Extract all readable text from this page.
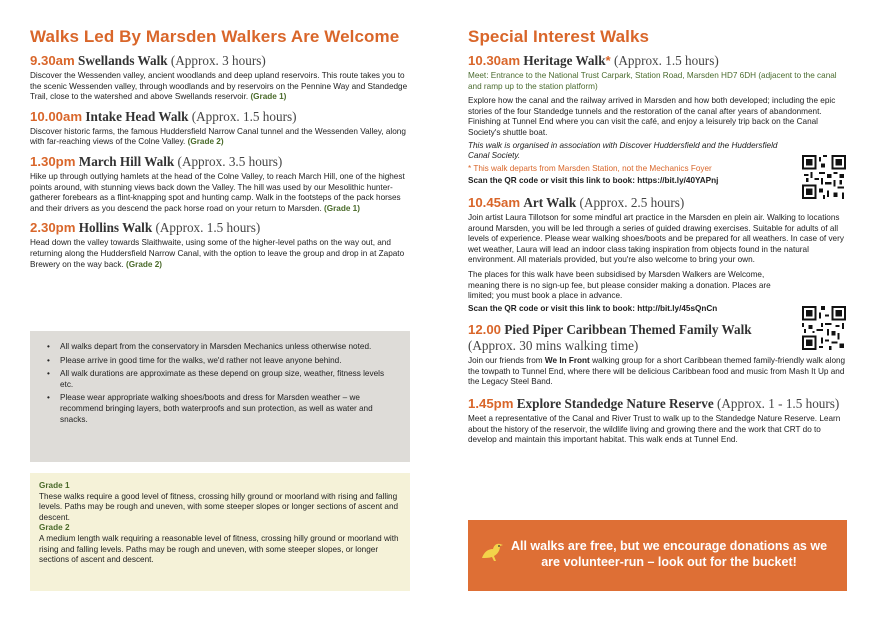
Walks Led By Marsden Walkers Are Welcome
9.30am Swellands Walk (Approx. 3 hours)
Discover the Wessenden valley, ancient woodlands and deep upland reservoirs. This route takes you to the scenic Wessenden valley, through woodlands and by reservoirs on the Pennine Way and Standedge Trail, close to the watershed and above Swellands reservoir. (Grade 1)
10.00am Intake Head Walk (Approx. 1.5 hours)
Discover historic farms, the famous Huddersfield Narrow Canal tunnel and the Wessenden Valley, along with far-reaching views of the Colne Valley. (Grade 2)
1.30pm March Hill Walk (Approx. 3.5 hours)
Hike up through outlying hamlets at the head of the Colne Valley, to reach March Hill, one of the highest points around, with stunning views back down the Valley. The hill was used by our Mesolithic hunter-gatherer forebears as a flint-knapping spot and hunting camp. Walk in the footsteps of the pack horses and their drivers as you descend the pack horse road on your return to Marsden. (Grade 1)
2.30pm Hollins Walk (Approx. 1.5 hours)
Head down the valley towards Slaithwaite, using some of the higher-level paths on the way out, and returning along the Huddersfield Narrow Canal, with the option to leave the group and drop in at Zapato Brewery on the way back. (Grade 2)
• All walks depart from the conservatory in Marsden Mechanics unless otherwise noted.
• Please arrive in good time for the walks, we'd rather not leave anyone behind.
• All walk durations are approximate as these depend on group size, weather, fitness levels etc.
• Please wear appropriate walking shoes/boots and dress for Marsden weather – we recommend bringing layers, both waterproofs and sun protection, as well as water and snacks.
Grade 1
These walks require a good level of fitness, crossing hilly ground or moorland with rising and falling levels. Paths may be rough and uneven, with some steeper slopes or longer sections of ascent and descent.
Grade 2
A medium length walk requiring a reasonable level of fitness, crossing hilly ground or moorland with rising and falling levels. Paths may be rough and uneven, with some steeper slopes, or longer sections of ascent and descent.
Special Interest Walks
10.30am Heritage Walk* (Approx. 1.5 hours)
Meet: Entrance to the National Trust Carpark, Station Road, Marsden HD7 6DH (adjacent to the canal and ramp up to the station platform)
Explore how the canal and the railway arrived in Marsden and how both developed; including the epic stories of the four Standedge tunnels and the restoration of the canal after years of abandonment. Finishing at Tunnel End where you can visit the café, and enjoy a leisurely trip back on the Canal Society's shuttle boat.
This walk is organised in association with Discover Huddersfield and the Huddersfield Canal Society.
* This walk departs from Marsden Station, not the Mechanics Foyer
Scan the QR code or visit this link to book: https://bit.ly/40YAPnj
10.45am Art Walk (Approx. 2.5 hours)
Join artist Laura Tillotson for some mindful art practice in the Marsden en plein air. Walking to locations around Marsden, you will be led through a series of guided drawing exercises. Suitable for adults of all levels of experience. Please wear walking shoes/boots and be prepared for all weathers. In case of very wet weather, Laura will lead an indoor class taking inspiration from objects found in the natural environment. All materials provided, but you're also welcome to bring your own.
The places for this walk have been subsidised by Marsden Walkers are Welcome, meaning there is no sign-up fee, but please consider making a donation. Places are limited; you must book a place in advance.
Scan the QR code or visit this link to book: http://bit.ly/45sQnCn
12.00 Pied Piper Caribbean Themed Family Walk
(Approx. 30 mins walking time)
Join our friends from We In Front walking group for a short Caribbean themed family-friendly walk along the towpath to Tunnel End, where there will be delicious Caribbean food and music from Mash It Up and the Legacy Steel Band.
1.45pm Explore Standedge Nature Reserve (Approx. 1 - 1.5 hours)
Meet a representative of the Canal and River Trust to walk up to the Standedge Nature Reserve. Learn about the history of the reservoir, the wildlife living and growing there and the work that CRT do to develop and maintain this important habitat. This walk ends at Tunnel End.
All walks are free, but we encourage donations as we are volunteer-run – look out for the bucket!
